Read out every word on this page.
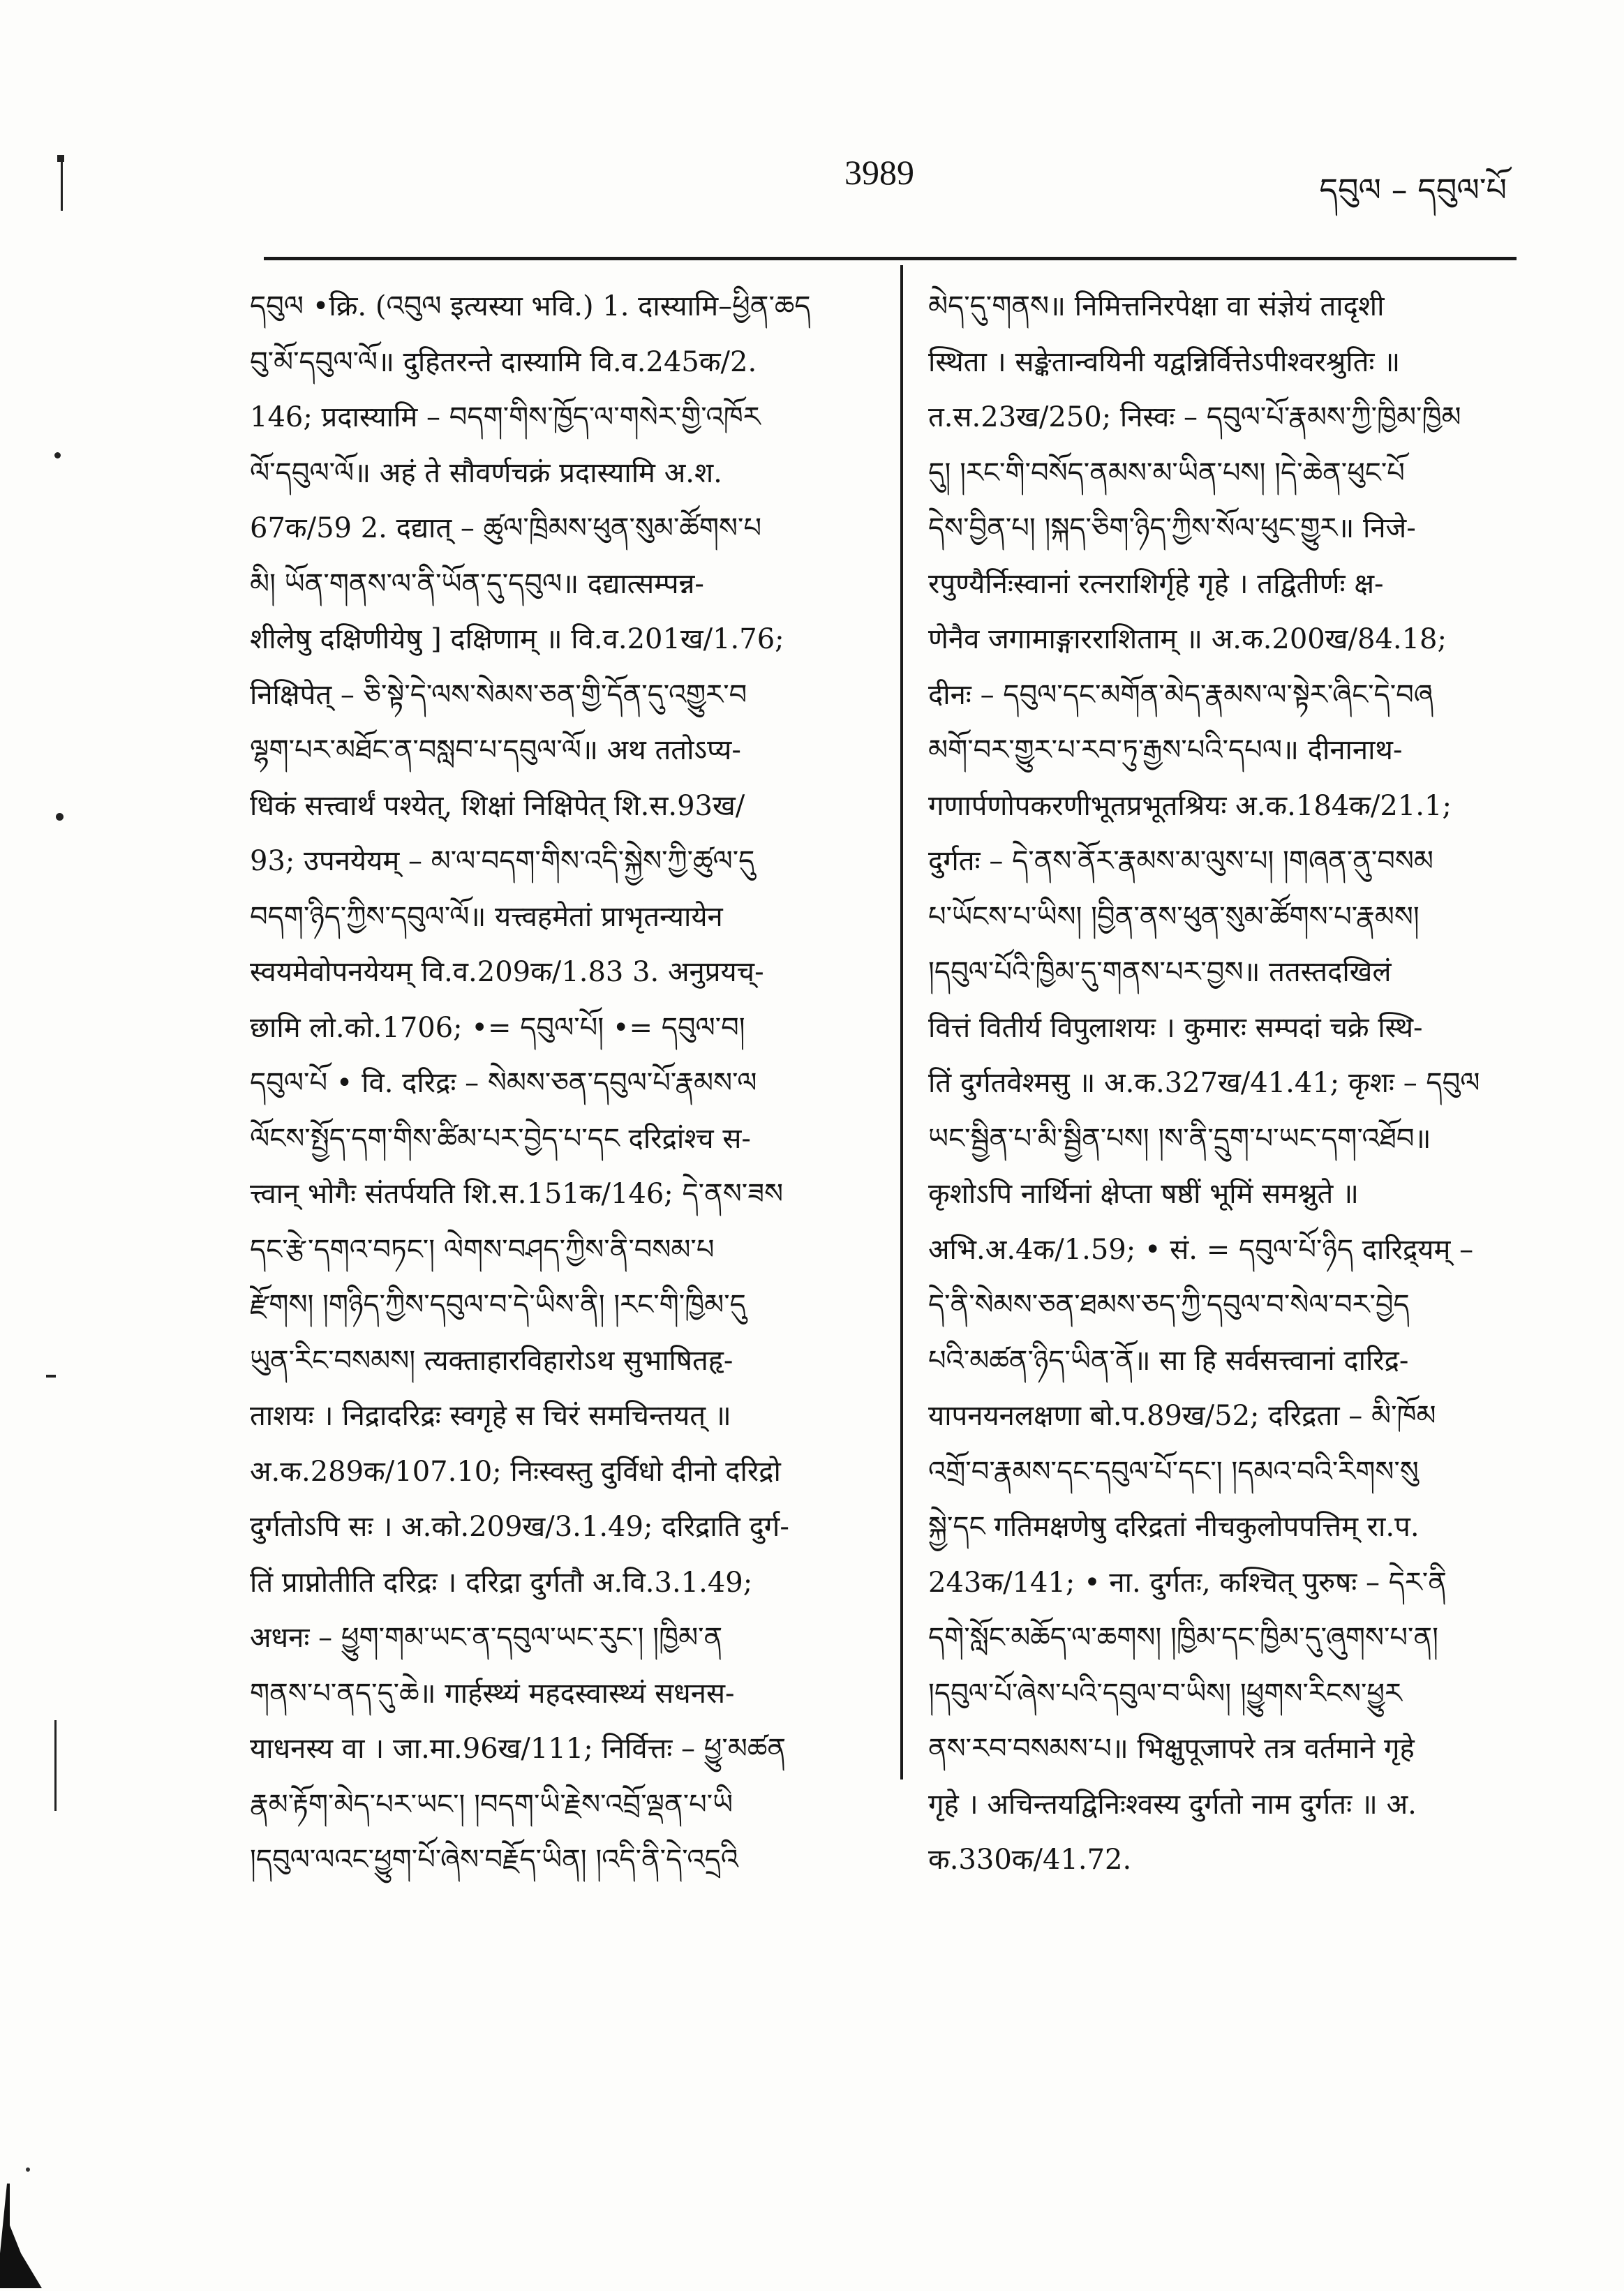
3989	དབུལ – དབུལ་པོ
དབུལ •क्रि. (འབུལ इत्यस्या भवि.) 1. दास्यामि–ཕྱིན་ཆད
བུ་མོ་དབུལ་ལོ॥ दुहितरन्ते दास्यामि वि.व.245क/2.
146; प्रदास्यामि – བདག་གིས་ཁྱོད་ལ་གསེར་གྱི་འཁོར
ལོ་དབུལ་ལོ॥ अहं ते सौवर्णचक्रं प्रदास्यामि अ.श.
67क/59 2. दद्यात् – ཚུལ་ཁྲིམས་ཕུན་སུམ་ཚོགས་པ
མི། ཡོན་གནས་ལ་ནི་ཡོན་དུ་དབུལ॥ दद्यात्सम्पन्न-
शीलेषु दक्षिणीयेषु ] दक्षिणाम् ॥ वि.व.201ख/1.76;
निक्षिपेत् – ཅི་སྟེ་དེ་ལས་སེམས་ཅན་གྱི་དོན་དུ་འགྱུར་བ
ལྷག་པར་མཐོང་ན་བསླབ་པ་དབུལ་ལོ॥ अथ ततोऽप्य-
धिकं सत्त्वार्थं पश्येत्, शिक्षां निक्षिपेत् शि.स.93ख/
93; उपनयेयम् – མ་ལ་བདག་གིས་འདི་སྐྱེས་ཀྱི་ཚུལ་དུ
བདག་ཉིད་ཀྱིས་དབུལ་ལོ॥ यत्त्वहमेतां प्राभृतन्यायेन
स्वयमेवोपनयेयम् वि.व.209क/1.83 3. अनुप्रयच्-
छामि लो.को.1706; •= དབུལ་པོ། •= དབུལ་བ།
དབུལ་པོ • वि. दरिद्रः – སེམས་ཅན་དབུལ་པོ་རྣམས་ལ
ལོངས་སྤྱོད་དག་གིས་ཚིམ་པར་བྱེད་པ་དང दरिद्रांश्च स-
त्त्वान् भोगैः संतर्पयति शि.स.151क/146; དེ་ནས་ཟས
དང་རྩེ་དགའ་བཏང་། ལེགས་བཤད་ཀྱིས་ནི་བསམ་པ
རྫོགས། །གཉིད་ཀྱིས་དབུལ་བ་དེ་ཡིས་ནི། །རང་གི་ཁྱིམ་དུ
ཡུན་རིང་བསམས། त्यक्ताहारविहारोऽथ सुभाषितहृ-
ताशयः । निद्रादरिद्रः स्वगृहे स चिरं समचिन्तयत् ॥
अ.क.289क/107.10; निःस्वस्तु दुर्विधो दीनो दरिद्रो
दुर्गतोऽपि सः । अ.को.209ख/3.1.49; दरिद्राति दुर्ग-
तिं प्राप्नोतीति दरिद्रः । दरिद्रा दुर्गतौ अ.वि.3.1.49;
अधनः – ཕྱུག་གམ་ཡང་ན་དབུལ་ཡང་རུང་། །ཁྱིམ་ན
གནས་པ་ནད་དུ་ཆེ॥ गार्हस्थ्यं महदस्वास्थ्यं सधनस-
याधनस्य वा । जा.मा.96ख/111; निर्वित्तः – ཕྱུ་མཚན
རྣམ་རྟོག་མེད་པར་ཡང་། །བདག་ཡི་རྗེས་འབྲོ་ལྡན་པ་ཡི
།དབུལ་ལའང་ཕྱུག་པོ་ཞེས་བརྗོད་ཡིན། །འདི་ནི་དེ་འདྲའི
མེད་དུ་གནས॥ निमित्तनिरपेक्षा वा संज्ञेयं तादृशी
स्थिता । सङ्केतान्वयिनी यद्वन्निर्वित्तेऽपीश्वरश्रुतिः ॥
त.स.23ख/250; निस्वः – དབུལ་པོ་རྣམས་ཀྱི་ཁྱིམ་ཁྱིམ
དུ། །རང་གི་བསོད་ནམས་མ་ཡིན་པས། །དེ་ཆེན་ཕུང་པོ
དེས་བྱིན་པ། །སྐད་ཅིག་ཉིད་ཀྱིས་སོལ་ཕུང་གྱུར॥ निजे-
रपुण्यैर्निःस्वानां रत्नराशिर्गृहे गृहे । तद्वितीर्णः क्ष-
णेनैव जगामाङ्गारराशिताम् ॥ अ.क.200ख/84.18;
दीनः – དབུལ་དང་མགོན་མེད་རྣམས་ལ་སྟེར་ཞིང་དེ་བཞ
མགོ་བར་གྱུར་པ་རབ་ཏུ་རྒྱས་པའི་དཔལ॥ दीनानाथ-
गणार्पणोपकरणीभूतप्रभूतश्रियः अ.क.184क/21.1;
दुर्गतः – དེ་ནས་ནོར་རྣམས་མ་ལུས་པ། །གཞན་ནུ་བསམ
པ་ཡོངས་པ་ཡིས། །བྱིན་ནས་ཕུན་སུམ་ཚོགས་པ་རྣམས།
།དབུལ་པོའི་ཁྱིམ་དུ་གནས་པར་བྱས॥ ततस्तदखिलं
वित्तं वितीर्य विपुलाशयः । कुमारः सम्पदां चक्रे स्थि-
तिं दुर्गतवेश्मसु ॥ अ.क.327ख/41.41; कृशः – དབུལ
ཡང་སྦྱིན་པ་མི་སྦྱིན་པས། །ས་ནི་དྲུག་པ་ཡང་དག་འཐོབ॥
कृशोऽपि नार्थिनां क्षेप्ता षष्ठीं भूमिं समश्नुते ॥
अभि.अ.4क/1.59; • सं. = དབུལ་པོ་ཉིད दारिद्र्यम् –
དེ་ནི་སེམས་ཅན་ཐམས་ཅད་ཀྱི་དབུལ་བ་སེལ་བར་བྱེད
པའི་མཚན་ཉིད་ཡིན་ནོ॥ सा हि सर्वसत्त्वानां दारिद्र-
यापनयनलक्षणा बो.प.89ख/52; दरिद्रता – མི་ཁོམ
འགྲོ་བ་རྣམས་དང་དབུལ་པོ་དང་། །དམའ་བའི་རིགས་སུ
སྐྱེ་དང गतिमक्षणेषु दरिद्रतां नीचकुलोपपत्तिम् रा.प.
243क/141; • ना. दुर्गतः, कश्चित् पुरुषः – དེར་ནི
དགེ་སློང་མཆོད་ལ་ཆགས། །ཁྱིམ་དང་ཁྱིམ་དུ་ཞུགས་པ་ན།
།དབུལ་པོ་ཞེས་པའི་དབུལ་བ་ཡིས། །ཕྱུགས་རིངས་ཕྱུར
ནས་རབ་བསམས་པ॥ भिक्षुपूजापरे तत्र वर्तमाने गृहे
गृहे । अचिन्तयद्विनिःश्वस्य दुर्गतो नाम दुर्गतः ॥ अ.
क.330क/41.72.
